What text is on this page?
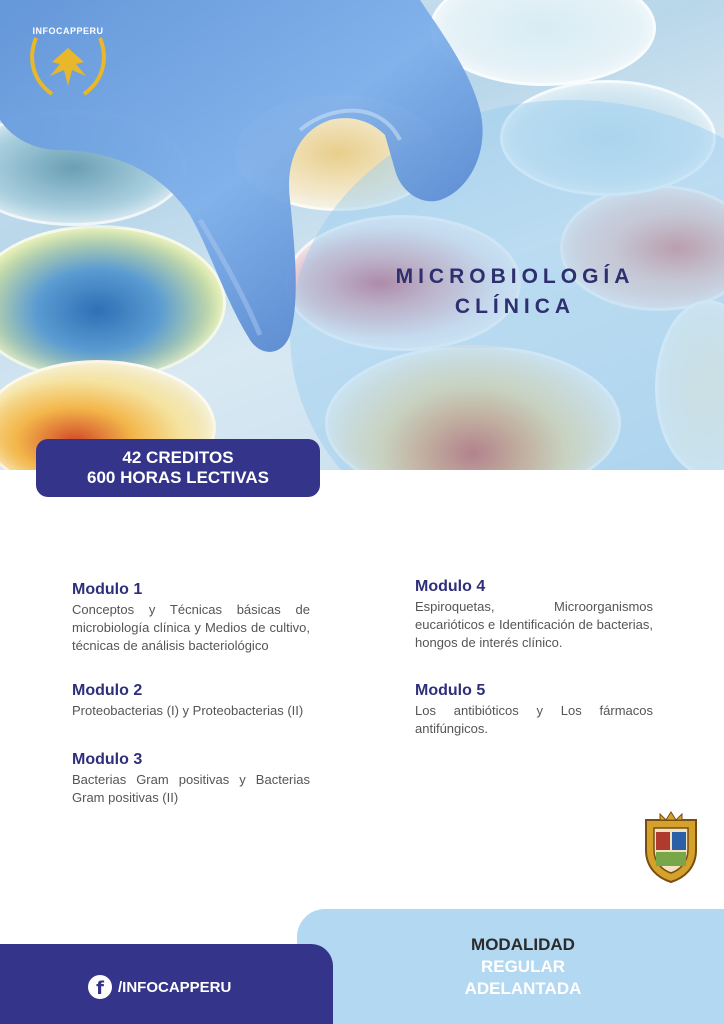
INFOCAPPERU
MICROBIOLOGÍA
CLÍNICA
42 CREDITOS
600 HORAS LECTIVAS
Modulo 1

Conceptos y Técnicas básicas de microbiología clínica y Medios de cultivo, técnicas de análisis bacteriológico

Modulo 2

Proteobacterias (I) y Proteobacterias (II)

Modulo 3

Bacterias Gram positivas y Bacterias Gram positivas (II)

Modulo 4

Espiroquetas, Microorganismos eucarióticos e Identificación de bacterias, hongos de interés clínico.

Modulo 5

Los antibióticos y Los fármacos antifúngicos.

f /INFOCAPPERU
MODALIDAD
REGULAR
ADELANTADA
